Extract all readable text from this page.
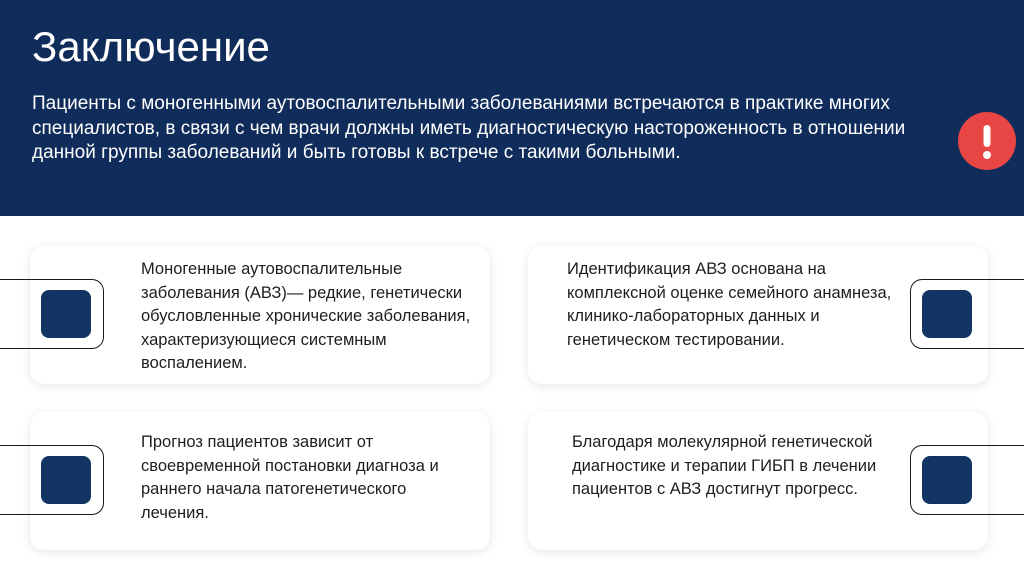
Заключение
Пациенты с моногенными аутовоспалительными заболеваниями встречаются в практике многих специалистов, в связи с чем врачи должны иметь диагностическую настороженность в отношении данной группы заболеваний и быть готовы к встрече с такими больными.
Моногенные аутовоспалительные заболевания (АВЗ)— редкие, генетически обусловленные хронические заболевания, характеризующиеся системным воспалением.
Идентификация АВЗ основана на комплексной оценке семейного анамнеза, клинико-лабораторных данных и генетическом тестировании.
Прогноз пациентов зависит от своевременной постановки диагноза и раннего начала патогенетического лечения.
Благодаря молекулярной генетической диагностике и терапии ГИБП в лечении пациентов с АВЗ достигнут прогресс.
